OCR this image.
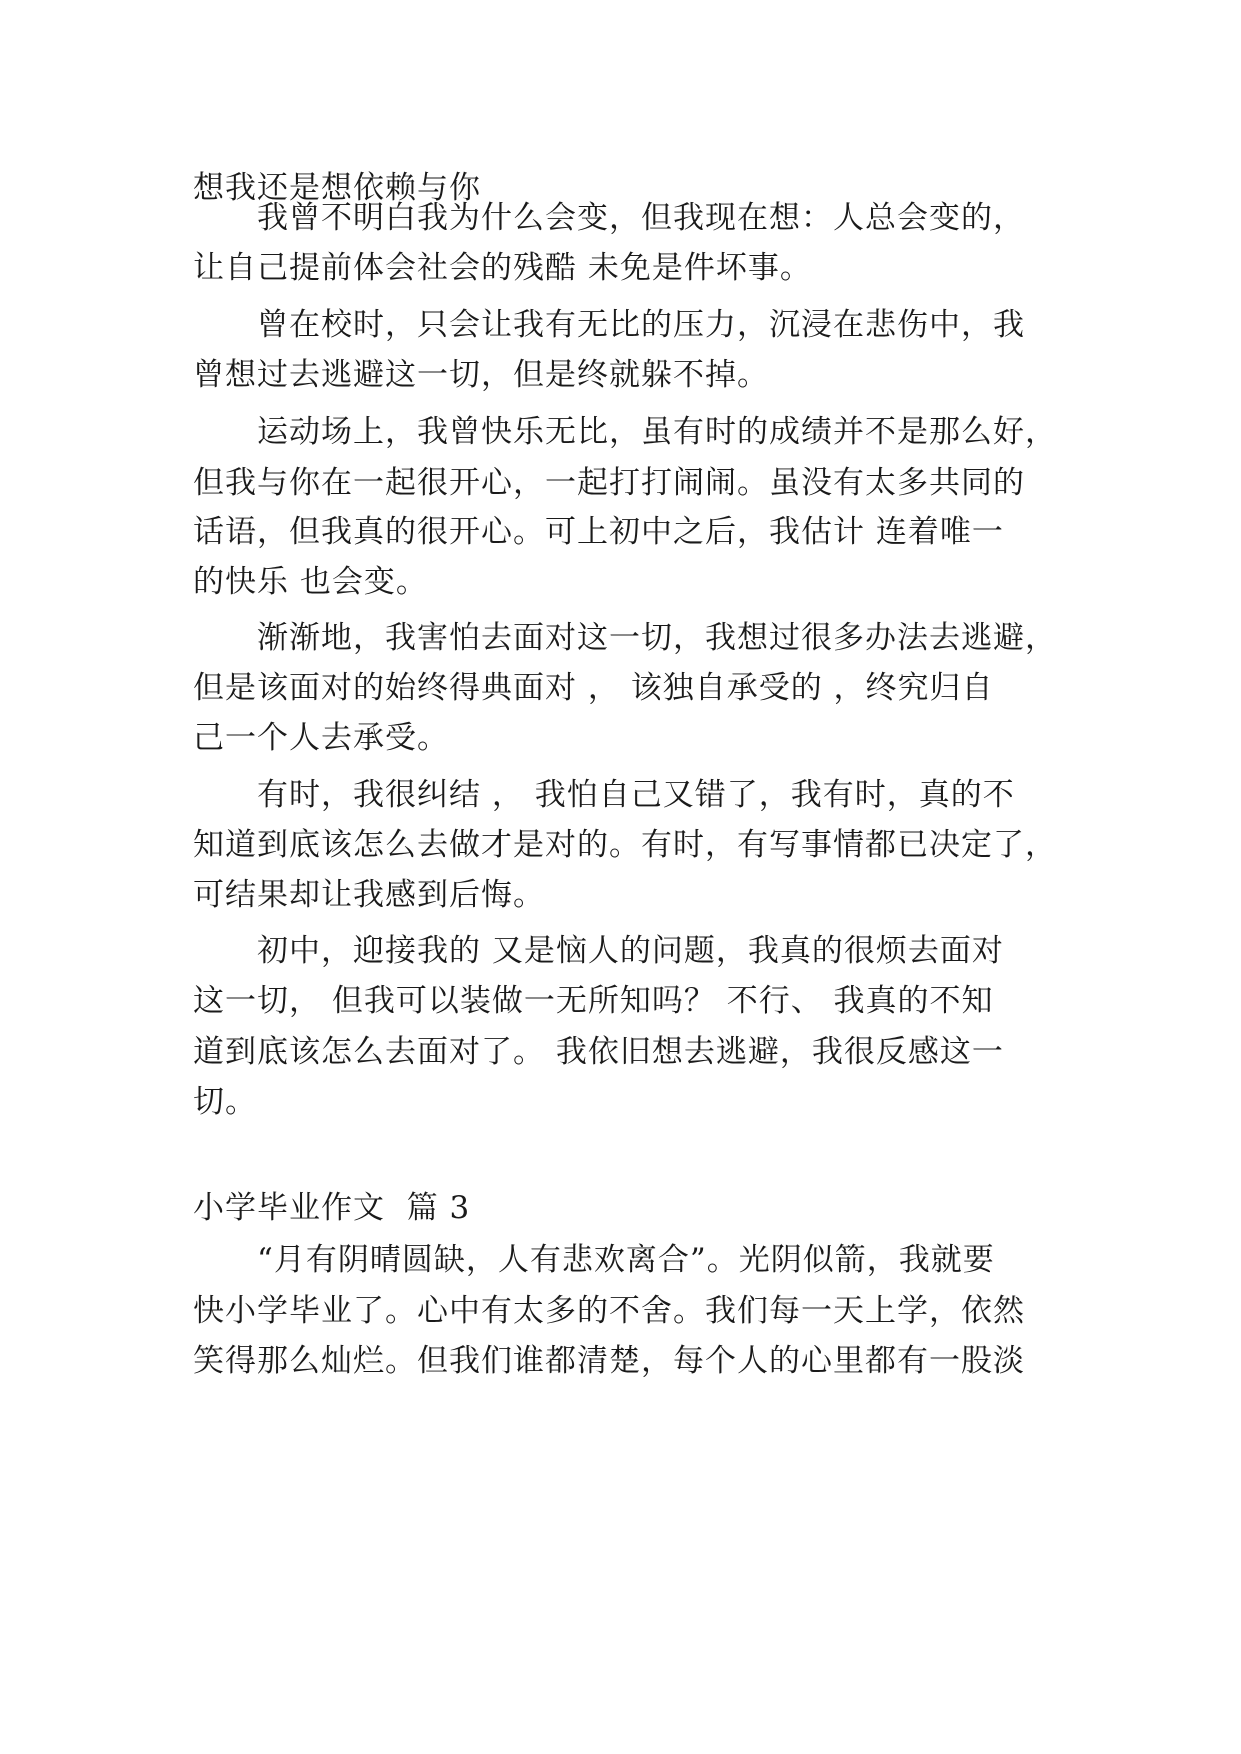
想我还是想依赖与你
我曾不明白我为什么会变，但我现在想：人总会变的，
让自己提前体会社会的残酷 未免是件坏事。
曾在校时，只会让我有无比的压力，沉浸在悲伤中，我
曾想过去逃避这一切，但是终就躲不掉。
运动场上，我曾快乐无比，虽有时的成绩并不是那么好，
但我与你在一起很开心，一起打打闹闹。虽没有太多共同的
话语，但我真的很开心。可上初中之后，我估计 连着唯一
的快乐 也会变。
渐渐地，我害怕去面对这一切，我想过很多办法去逃避，
但是该面对的始终得典面对 ， 该独自承受的 ，终究归自
己一个人去承受。
有时，我很纠结 ， 我怕自己又错了，我有时，真的不
知道到底该怎么去做才是对的。有时，有写事情都已决定了，
可结果却让我感到后悔。
初中，迎接我的 又是恼人的问题，我真的很烦去面对
这一切， 但我可以装做一无所知吗？ 不行、 我真的不知
道到底该怎么去面对了。 我依旧想去逃避，我很反感这一
切。
小学毕业作文  篇 3
“月有阴晴圆缺，人有悲欢离合”。光阴似箭，我就要
快小学毕业了。心中有太多的不舍。我们每一天上学，依然
笑得那么灿烂。但我们谁都清楚，每个人的心里都有一股淡
